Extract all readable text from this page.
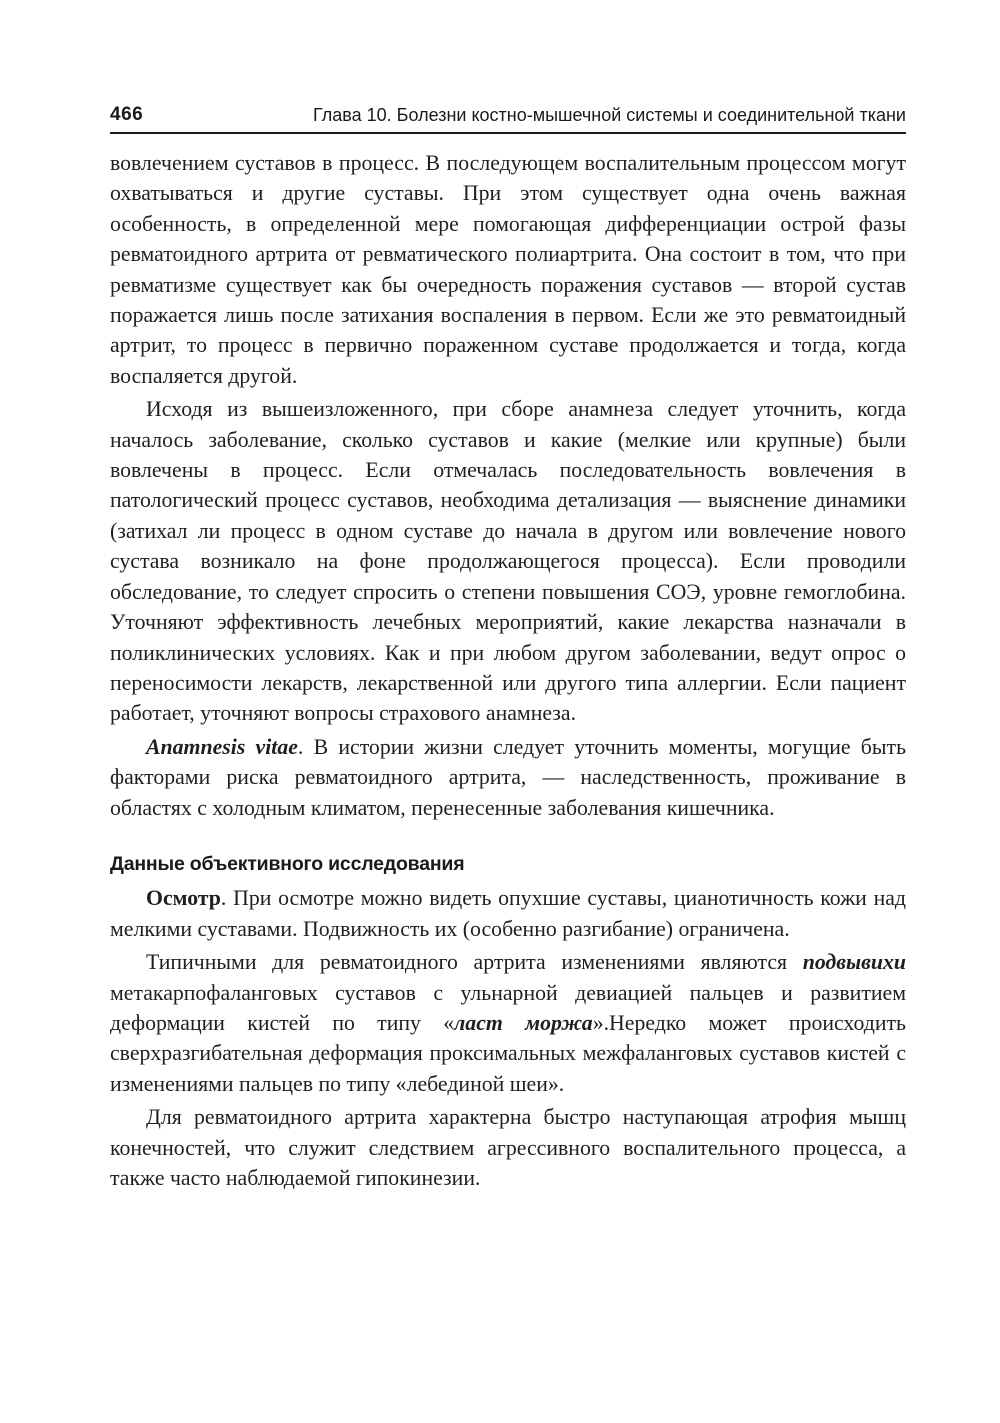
466	Глава 10. Болезни костно-мышечной системы и соединительной ткани

вовлечением суставов в процесс. В последующем воспалительным процессом могут охватываться и другие суставы. При этом существует одна очень важная особенность, в определенной мере помогающая дифференциации острой фазы ревматоидного артрита от ревматического полиартрита. Она состоит в том, что при ревматизме существует как бы очередность поражения суставов — второй сустав поражается лишь после затихания воспаления в первом. Если же это ревматоидный артрит, то процесс в первично пораженном суставе продолжается и тогда, когда воспаляется другой.

Исходя из вышеизложенного, при сборе анамнеза следует уточнить, когда началось заболевание, сколько суставов и какие (мелкие или крупные) были вовлечены в процесс. Если отмечалась последовательность вовлечения в патологический процесс суставов, необходима детализация — выяснение динамики (затихал ли процесс в одном суставе до начала в другом или вовлечение нового сустава возникало на фоне продолжающегося процесса). Если проводили обследование, то следует спросить о степени повышения СОЭ, уровне гемоглобина. Уточняют эффективность лечебных мероприятий, какие лекарства назначали в поликлинических условиях. Как и при любом другом заболевании, ведут опрос о переносимости лекарств, лекарственной или другого типа аллергии. Если пациент работает, уточняют вопросы страхового анамнеза.

Anamnesis vitae. В истории жизни следует уточнить моменты, могущие быть факторами риска ревматоидного артрита, — наследственность, проживание в областях с холодным климатом, перенесенные заболевания кишечника.

Данные объективного исследования

Осмотр. При осмотре можно видеть опухшие суставы, цианотичность кожи над мелкими суставами. Подвижность их (особенно разгибание) ограничена.

Типичными для ревматоидного артрита изменениями являются подвывихи метакарпофаланговых суставов с ульнарной девиацией пальцев и развитием деформации кистей по типу «ласт моржа».Нередко может происходить сверхразгибательная деформация проксимальных межфаланговых суставов кистей с изменениями пальцев по типу «лебединой шеи».

Для ревматоидного артрита характерна быстро наступающая атрофия мышц конечностей, что служит следствием агрессивного воспалительного процесса, а также часто наблюдаемой гипокинезии.
